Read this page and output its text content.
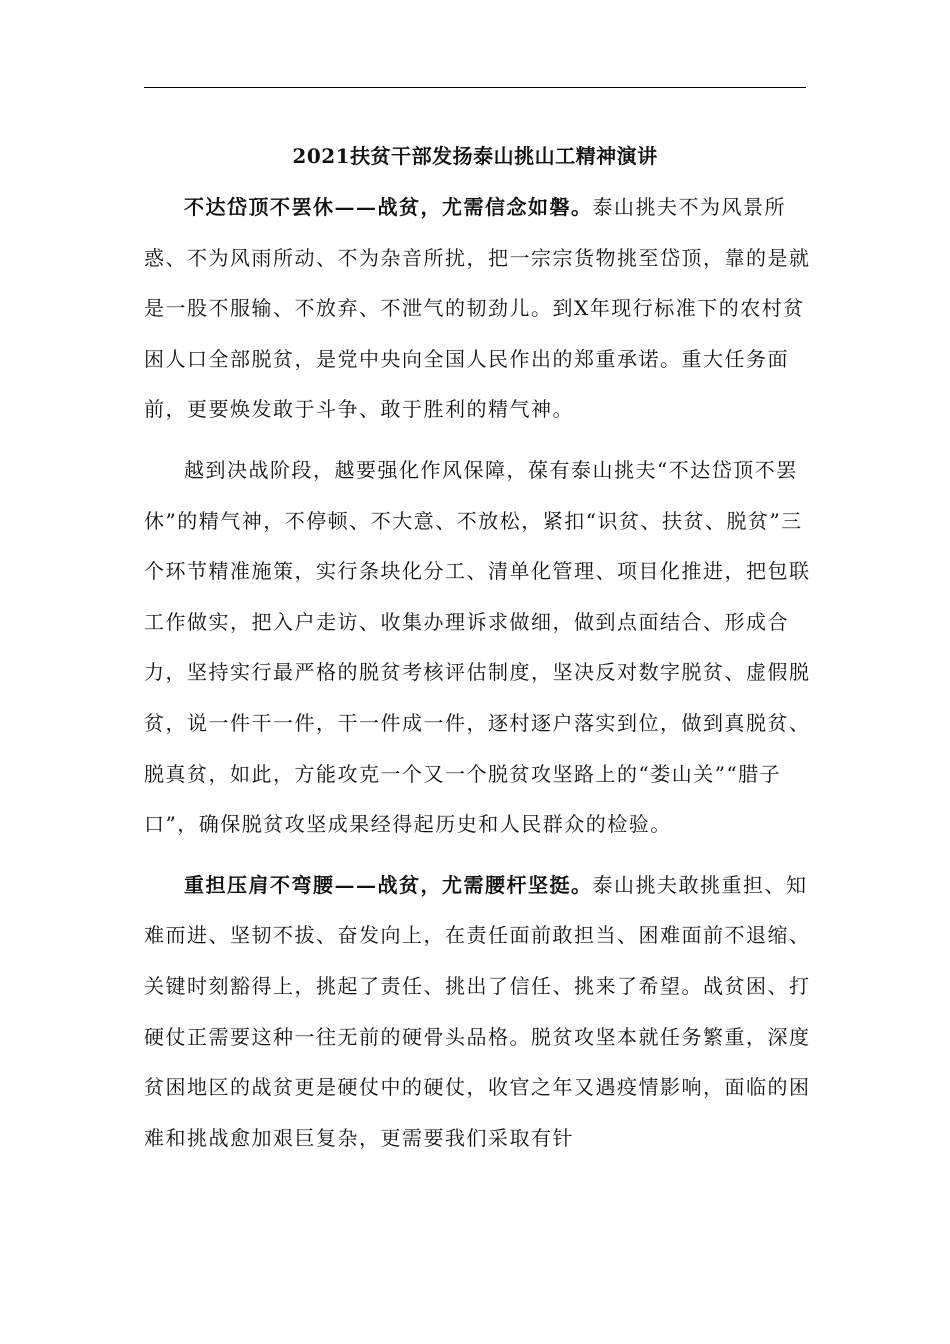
2021扶贫干部发扬泰山挑山工精神演讲

不达岱顶不罢休——战贫，尤需信念如磐。泰山挑夫不为风景所惑、不为风雨所动、不为杂音所扰，把一宗宗货物挑至岱顶，靠的是就是一股不服输、不放弃、不泄气的韧劲儿。到X年现行标准下的农村贫困人口全部脱贫，是党中央向全国人民作出的郑重承诺。重大任务面前，更要焕发敢于斗争、敢于胜利的精气神。

越到决战阶段，越要强化作风保障，葆有泰山挑夫“不达岱顶不罢休”的精气神，不停顿、不大意、不放松，紧扣“识贫、扶贫、脱贫”三个环节精准施策，实行条块化分工、清单化管理、项目化推进，把包联工作做实，把入户走访、收集办理诉求做细，做到点面结合、形成合力，坚持实行最严格的脱贫考核评估制度，坚决反对数字脱贫、虚假脱贫，说一件干一件，干一件成一件，逐村逐户落实到位，做到真脱贫、脱真贫，如此，方能攻克一个又一个脱贫攻坚路上的“娄山关”“腊子口”，确保脱贫攻坚成果经得起历史和人民群众的检验。

重担压肩不弯腰——战贫，尤需腰杆坚挺。泰山挑夫敢挑重担、知难而进、坚韧不拔、奋发向上，在责任面前敢担当、困难面前不退缩、关键时刻豁得上，挑起了责任、挑出了信任、挑来了希望。战贫困、打硬仗正需要这种一往无前的硬骨头品格。脱贫攻坚本就任务繁重，深度贫困地区的战贫更是硬仗中的硬仗，收官之年又遇疫情影响，面临的困难和挑战愈加艰巨复杂，更需要我们采取有针
